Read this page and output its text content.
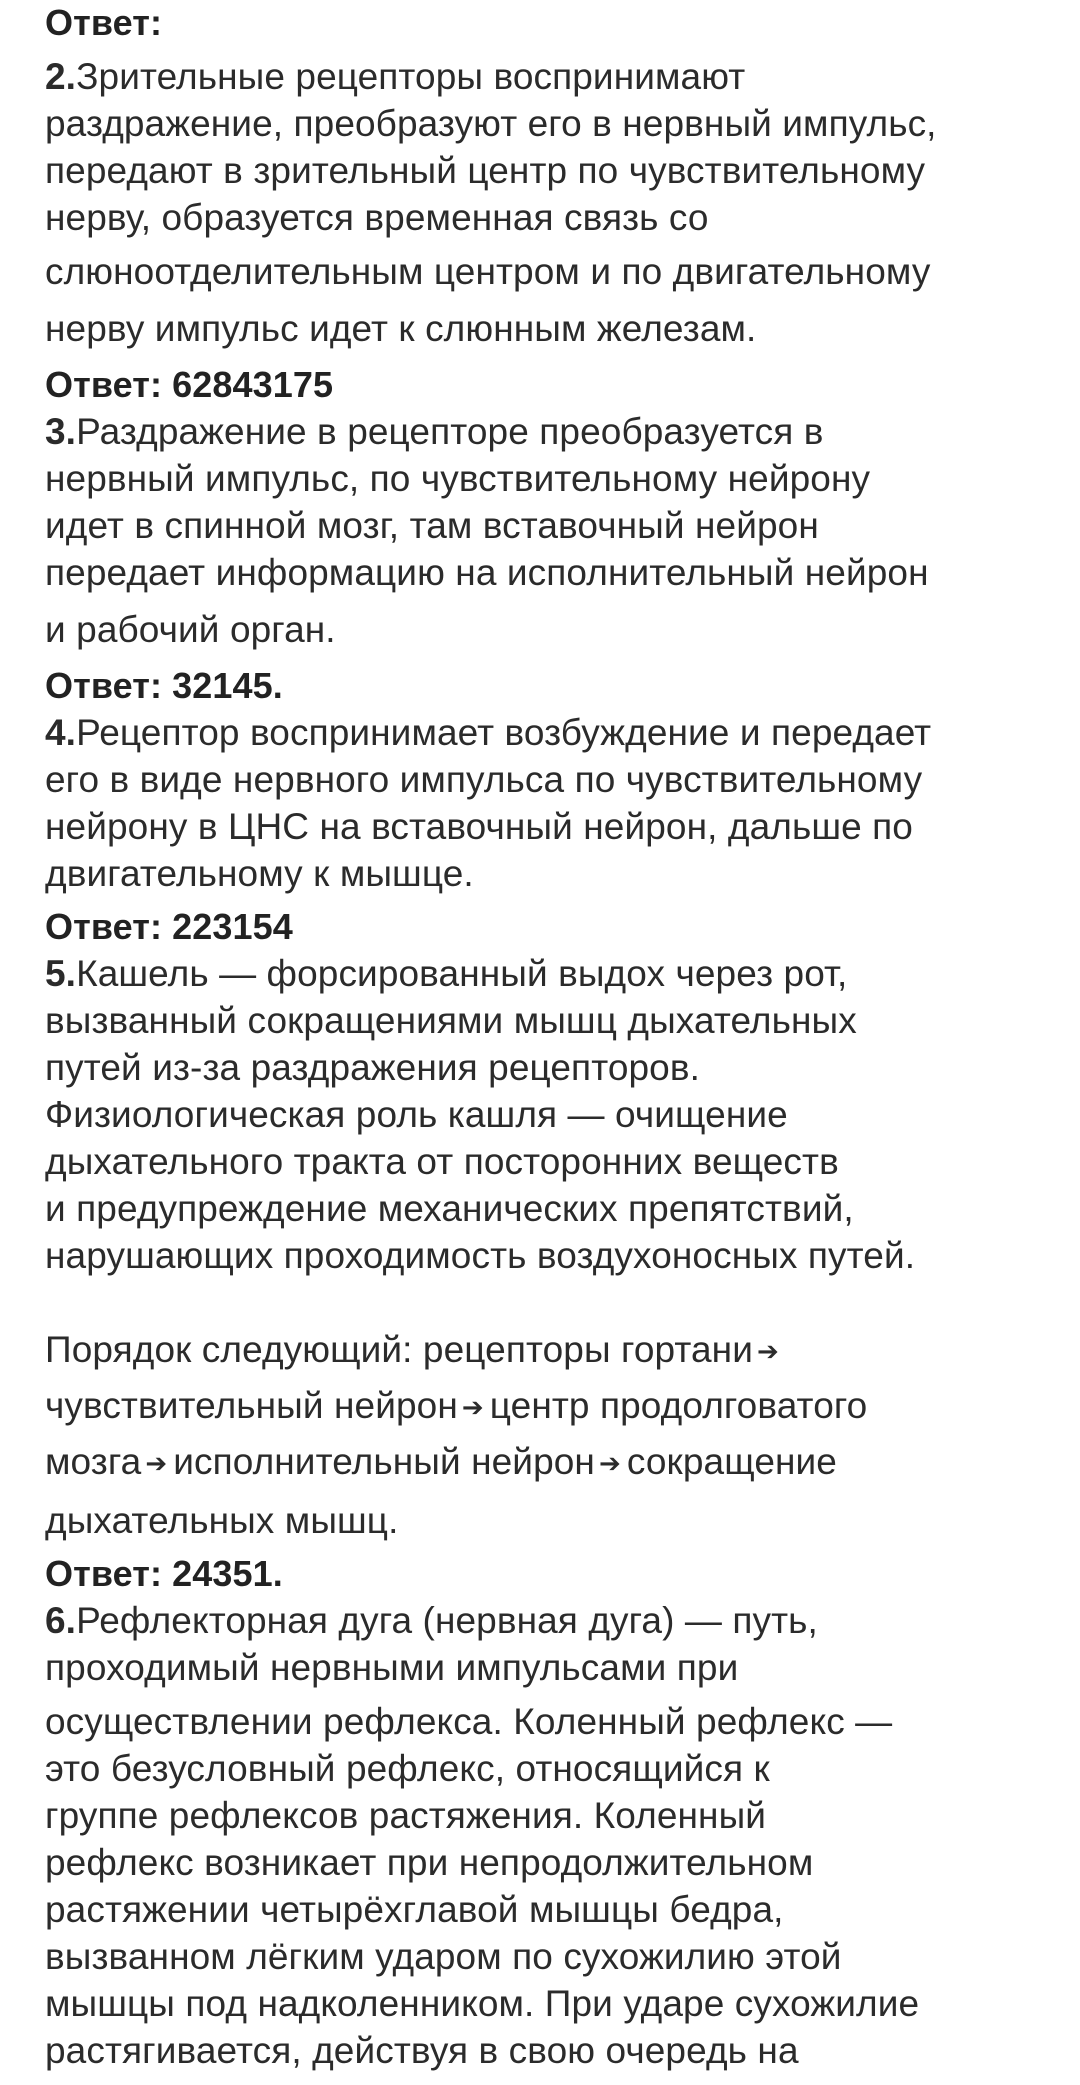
Ответ:
2.Зрительные рецепторы воспринимают
раздражение, преобразуют его в нервный импульс,
передают в зрительный центр по чувствительному
нерву, образуется временная связь со
слюноотделительным центром и по двигательному
нерву импульс идет к слюнным железам.
Ответ: 62843175
3.Раздражение в рецепторе преобразуется в
нервный импульс, по чувствительному нейрону
идет в спинной мозг, там вставочный нейрон
передает информацию на исполнительный нейрон
и рабочий орган.
Ответ: 32145.
4.Рецептор воспринимает возбуждение и передает
его в виде нервного импульса по чувствительному
нейрону в ЦНС на вставочный нейрон, дальше по
двигательному к мышце.
Ответ: 223154
5.Кашель — форсированный выдох через рот,
вызванный сокращениями мышц дыхательных
путей из-за раздражения рецепторов.
Физиологическая роль кашля — очищение
дыхательного тракта от посторонних веществ
и предупреждение механических препятствий,
нарушающих проходимость воздухоносных путей.
Порядок следующий: рецепторы гортани ➔
чувствительный нейрон ➔ центр продолговатого
мозга ➔ исполнительный нейрон ➔ сокращение
дыхательных мышц.
Ответ: 24351.
6.Рефлекторная дуга (нервная дуга) — путь,
проходимый нервными импульсами при
осуществлении рефлекса. Коленный рефлекс —
это безусловный рефлекс, относящийся к
группе рефлексов растяжения. Коленный
рефлекс возникает при непродолжительном
растяжении четырёхглавой мышцы бедра,
вызванном лёгким ударом по сухожилию этой
мышцы под надколенником. При ударе сухожилие
растягивается, действуя в свою очередь на
